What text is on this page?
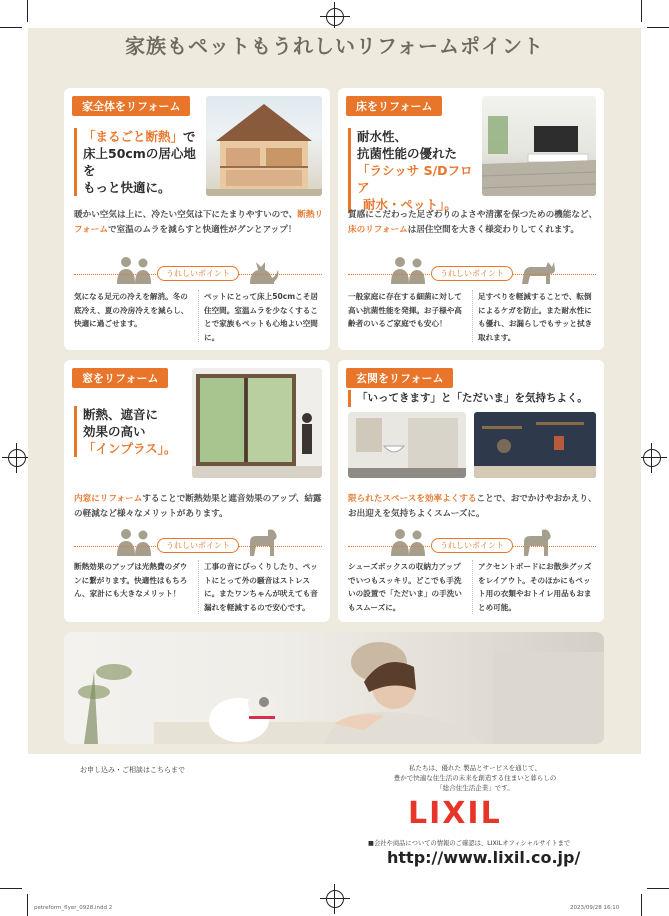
家族もペットもうれしいリフォームポイント
家全体をリフォーム
「まるごと断熱」で
床上50cmの居心地を
もっと快適に。
暖かい空気は上に、冷たい空気は下にたまりやすいので、断熱リフォームで室温のムラを減らすと快適性がグンとアップ！
うれしいポイント
気になる足元の冷えを解消。冬の底冷え、夏の冷房冷えを減らし、快適に過ごせます。
ペットにとって床上50cmこそ居住空間。室温ムラを少なくすることで家族もペットも心地よい空間に。
床をリフォーム
耐水性、
抗菌性能の優れた
「ラシッサ S/Dフロア
耐水・ペット」。
質感にこだわった足ざわりのよさや清潔を保つための機能など、床のリフォームは居住空間を大きく様変わりしてくれます。
うれしいポイント
一般家庭に存在する細菌に対して高い抗菌性能を発揮。お子様や高齢者のいるご家庭でも安心！
足すべりを軽減することで、転倒によるケガを防止。また耐水性にも優れ、お漏らしでもサッと拭き取れます。
窓をリフォーム
断熱、遮音に
効果の高い
「インプラス」。
内窓にリフォームすることで断熱効果と遮音効果のアップ、結露の軽減など様々なメリットがあります。
うれしいポイント
断熱効果のアップは光熱費のダウンに繋がります。快適性はもちろん、家計にも大きなメリット！
工事の音にびっくりしたり、ペットにとって外の騒音はストレスに。またワンちゃんが吠えても音漏れを軽減するので安心です。
玄関をリフォーム
「いってきます」と「ただいま」を気持ちよく。
限られたスペースを効率よくすることで、おでかけやおかえり、お出迎えを気持ちよくスムーズに。
うれしいポイント
シューズボックスの収納力アップでいつもスッキリ。どこでも手洗いの設置で「ただいま」の手洗いもスムーズに。
アクセントボードにお散歩グッズをレイアウト。そのほかにもペット用の衣類やおトイレ用品もおまとめ可能。
お申し込み・ご相談はこちらまで	私たちは、優れた 製品とサービスを通じて、
豊かで快適な住生活の未来を創造する住まいと暮らしの
「総合住生活企業」です。
LIXIL
■会社や商品についての情報のご確認は、LIXILオフィシャルサイトまで
http://www.lixil.co.jp/
petreform_flyer_0928.indd 2	2023/09/28 16:10
